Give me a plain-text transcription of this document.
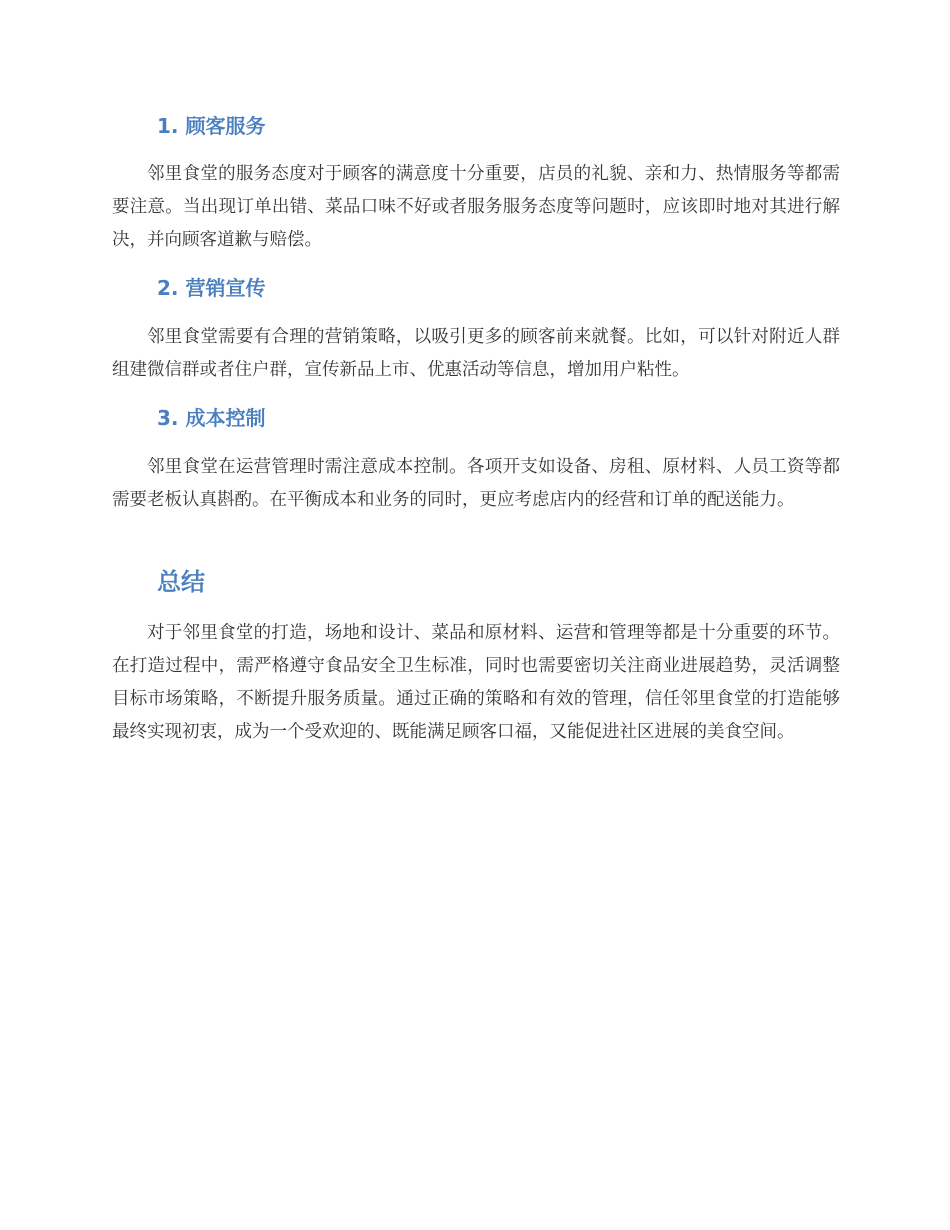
1. 顾客服务

邻里食堂的服务态度对于顾客的满意度十分重要，店员的礼貌、亲和力、热情服务等都需要注意。当出现订单出错、菜品口味不好或者服务服务态度等问题时，应该即时地对其进行解决，并向顾客道歉与赔偿。

2. 营销宣传

邻里食堂需要有合理的营销策略，以吸引更多的顾客前来就餐。比如，可以针对附近人群组建微信群或者住户群，宣传新品上市、优惠活动等信息，增加用户粘性。

3. 成本控制

邻里食堂在运营管理时需注意成本控制。各项开支如设备、房租、原材料、人员工资等都需要老板认真斟酌。在平衡成本和业务的同时，更应考虑店内的经营和订单的配送能力。

总结

对于邻里食堂的打造，场地和设计、菜品和原材料、运营和管理等都是十分重要的环节。在打造过程中，需严格遵守食品安全卫生标准，同时也需要密切关注商业进展趋势，灵活调整目标市场策略，不断提升服务质量。通过正确的策略和有效的管理，信任邻里食堂的打造能够最终实现初衷，成为一个受欢迎的、既能满足顾客口福，又能促进社区进展的美食空间。
